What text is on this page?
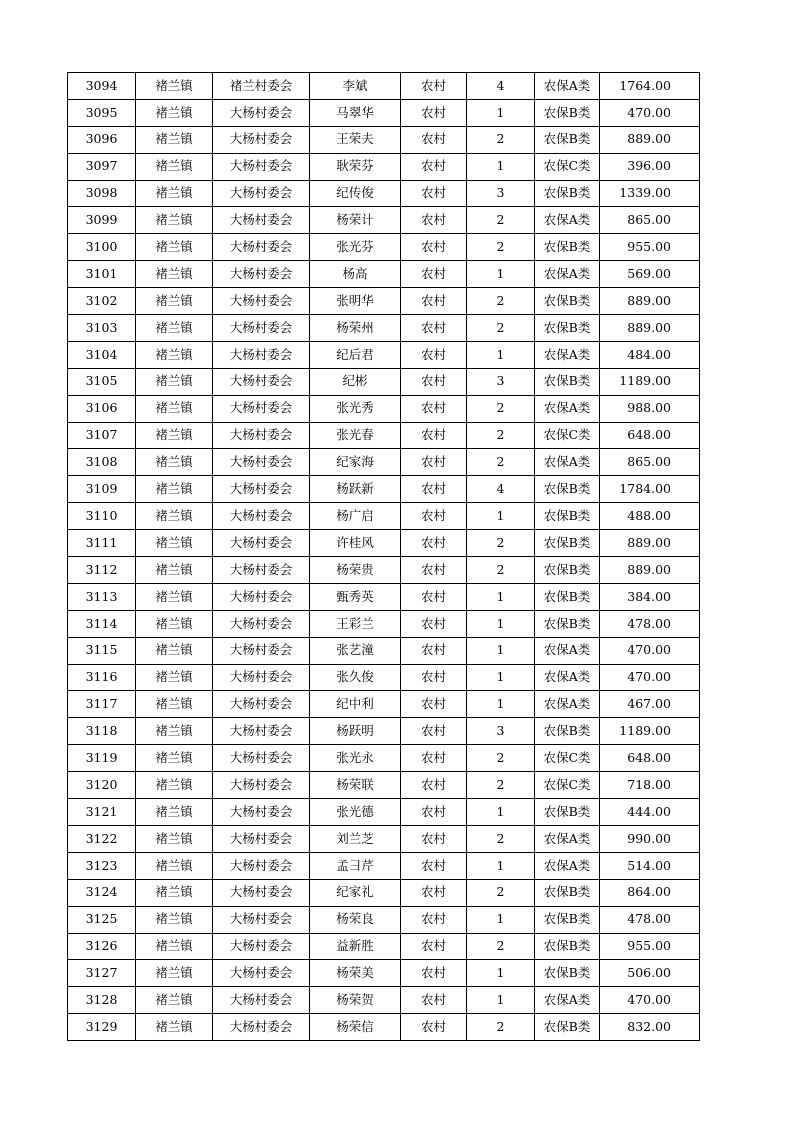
3094	褚兰镇	褚兰村委会	李斌	农村	4	农保A类	1764.00
3095	褚兰镇	大杨村委会	马翠华	农村	1	农保B类	470.00
3096	褚兰镇	大杨村委会	王荣夫	农村	2	农保B类	889.00
3097	褚兰镇	大杨村委会	耿荣芬	农村	1	农保C类	396.00
3098	褚兰镇	大杨村委会	纪传俊	农村	3	农保B类	1339.00
3099	褚兰镇	大杨村委会	杨荣计	农村	2	农保A类	865.00
3100	褚兰镇	大杨村委会	张光芬	农村	2	农保B类	955.00
3101	褚兰镇	大杨村委会	杨高	农村	1	农保A类	569.00
3102	褚兰镇	大杨村委会	张明华	农村	2	农保B类	889.00
3103	褚兰镇	大杨村委会	杨荣州	农村	2	农保B类	889.00
3104	褚兰镇	大杨村委会	纪后君	农村	1	农保A类	484.00
3105	褚兰镇	大杨村委会	纪彬	农村	3	农保B类	1189.00
3106	褚兰镇	大杨村委会	张光秀	农村	2	农保A类	988.00
3107	褚兰镇	大杨村委会	张光春	农村	2	农保C类	648.00
3108	褚兰镇	大杨村委会	纪家海	农村	2	农保A类	865.00
3109	褚兰镇	大杨村委会	杨跃新	农村	4	农保B类	1784.00
3110	褚兰镇	大杨村委会	杨广启	农村	1	农保B类	488.00
3111	褚兰镇	大杨村委会	许桂风	农村	2	农保B类	889.00
3112	褚兰镇	大杨村委会	杨荣贵	农村	2	农保B类	889.00
3113	褚兰镇	大杨村委会	甄秀英	农村	1	农保B类	384.00
3114	褚兰镇	大杨村委会	王彩兰	农村	1	农保B类	478.00
3115	褚兰镇	大杨村委会	张艺潼	农村	1	农保A类	470.00
3116	褚兰镇	大杨村委会	张久俊	农村	1	农保A类	470.00
3117	褚兰镇	大杨村委会	纪中利	农村	1	农保A类	467.00
3118	褚兰镇	大杨村委会	杨跃明	农村	3	农保B类	1189.00
3119	褚兰镇	大杨村委会	张光永	农村	2	农保C类	648.00
3120	褚兰镇	大杨村委会	杨荣联	农村	2	农保C类	718.00
3121	褚兰镇	大杨村委会	张光德	农村	1	农保B类	444.00
3122	褚兰镇	大杨村委会	刘兰芝	农村	2	农保A类	990.00
3123	褚兰镇	大杨村委会	孟彐芹	农村	1	农保A类	514.00
3124	褚兰镇	大杨村委会	纪家礼	农村	2	农保B类	864.00
3125	褚兰镇	大杨村委会	杨荣良	农村	1	农保B类	478.00
3126	褚兰镇	大杨村委会	益新胜	农村	2	农保B类	955.00
3127	褚兰镇	大杨村委会	杨荣美	农村	1	农保B类	506.00
3128	褚兰镇	大杨村委会	杨荣贺	农村	1	农保A类	470.00
3129	褚兰镇	大杨村委会	杨荣信	农村	2	农保B类	832.00
